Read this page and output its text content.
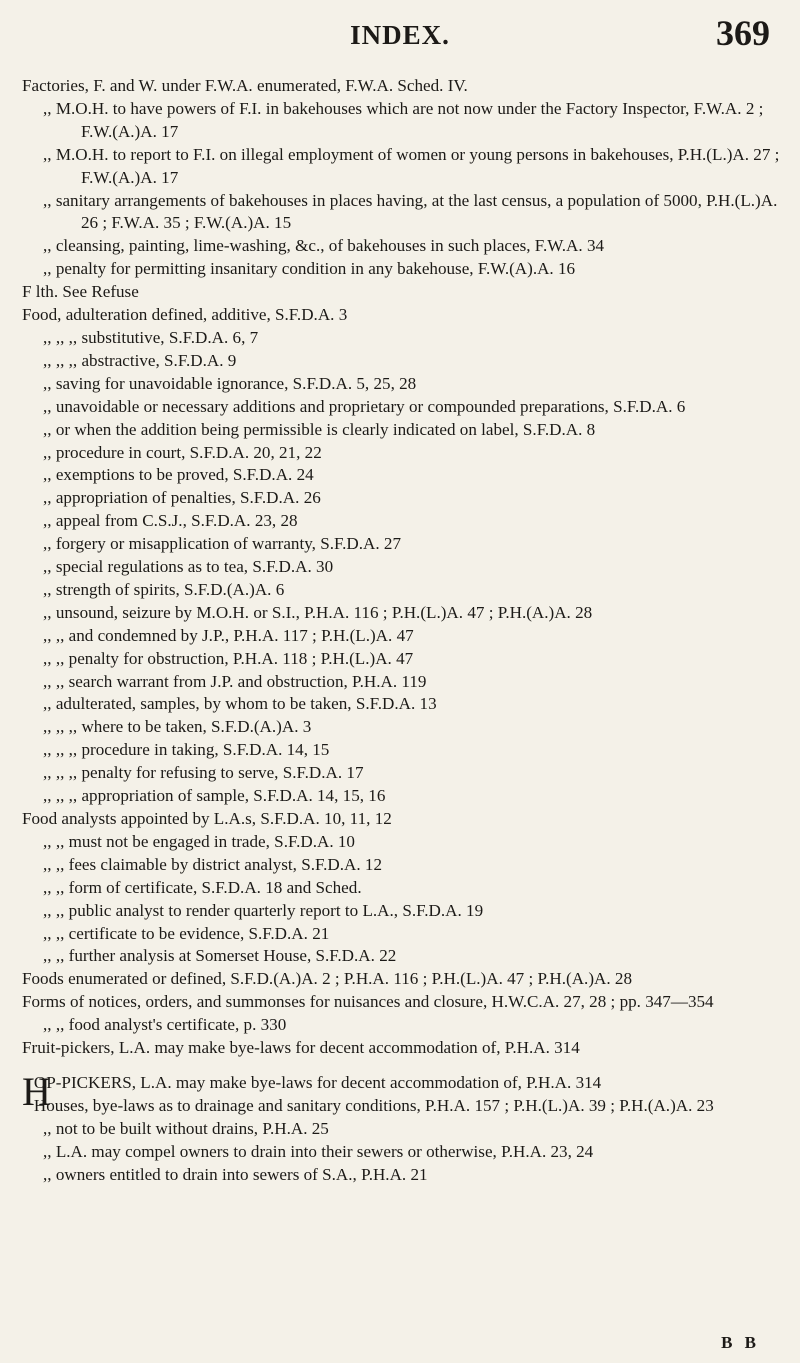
INDEX.	369
Factories, F. and W. under F.W.A. enumerated, F.W.A. Sched. IV.
,, M.O.H. to have powers of F.I. in bakehouses which are not now under the Factory Inspector, F.W.A. 2 ; F.W.(A.)A. 17
,, M.O.H. to report to F.I. on illegal employment of women or young persons in bakehouses, P.H.(L.)A. 27 ; F.W.(A.)A. 17
,, sanitary arrangements of bakehouses in places having, at the last census, a population of 5000, P.H.(L.)A. 26 ; F.W.A. 35 ; F.W.(A.)A. 15
,, cleansing, painting, lime-washing, &c., of bakehouses in such places, F.W.A. 34
,, penalty for permitting insanitary condition in any bakehouse, F.W.(A).A. 16
F lth. See Refuse
Food, adulteration defined, additive, S.F.D.A. 3
,, ,, ,, substitutive, S.F.D.A. 6, 7
,, ,, ,, abstractive, S.F.D.A. 9
,, saving for unavoidable ignorance, S.F.D.A. 5, 25, 28
,, unavoidable or necessary additions and proprietary or compounded preparations, S.F.D.A. 6
,, or when the addition being permissible is clearly indicated on label, S.F.D.A. 8
,, procedure in court, S.F.D.A. 20, 21, 22
,, exemptions to be proved, S.F.D.A. 24
,, appropriation of penalties, S.F.D.A. 26
,, appeal from C.S.J., S.F.D.A. 23, 28
,, forgery or misapplication of warranty, S.F.D.A. 27
,, special regulations as to tea, S.F.D.A. 30
,, strength of spirits, S.F.D.(A.)A. 6
,, unsound, seizure by M.O.H. or S.I., P.H.A. 116 ; P.H.(L.)A. 47 ; P.H.(A.)A. 28
,, ,, and condemned by J.P., P.H.A. 117 ; P.H.(L.)A. 47
,, ,, penalty for obstruction, P.H.A. 118 ; P.H.(L.)A. 47
,, ,, search warrant from J.P. and obstruction, P.H.A. 119
,, adulterated, samples, by whom to be taken, S.F.D.A. 13
,, ,, ,, where to be taken, S.F.D.(A.)A. 3
,, ,, ,, procedure in taking, S.F.D.A. 14, 15
,, ,, ,, penalty for refusing to serve, S.F.D.A. 17
,, ,, ,, appropriation of sample, S.F.D.A. 14, 15, 16
Food analysts appointed by L.A.s, S.F.D.A. 10, 11, 12
,, ,, must not be engaged in trade, S.F.D.A. 10
,, ,, fees claimable by district analyst, S.F.D.A. 12
,, ,, form of certificate, S.F.D.A. 18 and Sched.
,, ,, public analyst to render quarterly report to L.A., S.F.D.A. 19
,, ,, certificate to be evidence, S.F.D.A. 21
,, ,, further analysis at Somerset House, S.F.D.A. 22
Foods enumerated or defined, S.F.D.(A.)A. 2 ; P.H.A. 116 ; P.H.(L.)A. 47 ; P.H.(A.)A. 28
Forms of notices, orders, and summonses for nuisances and closure, H.W.C.A. 27, 28 ; pp. 347—354
,, ,, food analyst's certificate, p. 330
Fruit-pickers, L.A. may make bye-laws for decent accommodation of, P.H.A. 314
H
OP-PICKERS, L.A. may make bye-laws for decent accommodation of, P.H.A. 314
Houses, bye-laws as to drainage and sanitary conditions, P.H.A. 157 ; P.H.(L.)A. 39 ; P.H.(A.)A. 23
,, not to be built without drains, P.H.A. 25
,, L.A. may compel owners to drain into their sewers or otherwise, P.H.A. 23, 24
,, owners entitled to drain into sewers of S.A., P.H.A. 21
B B
